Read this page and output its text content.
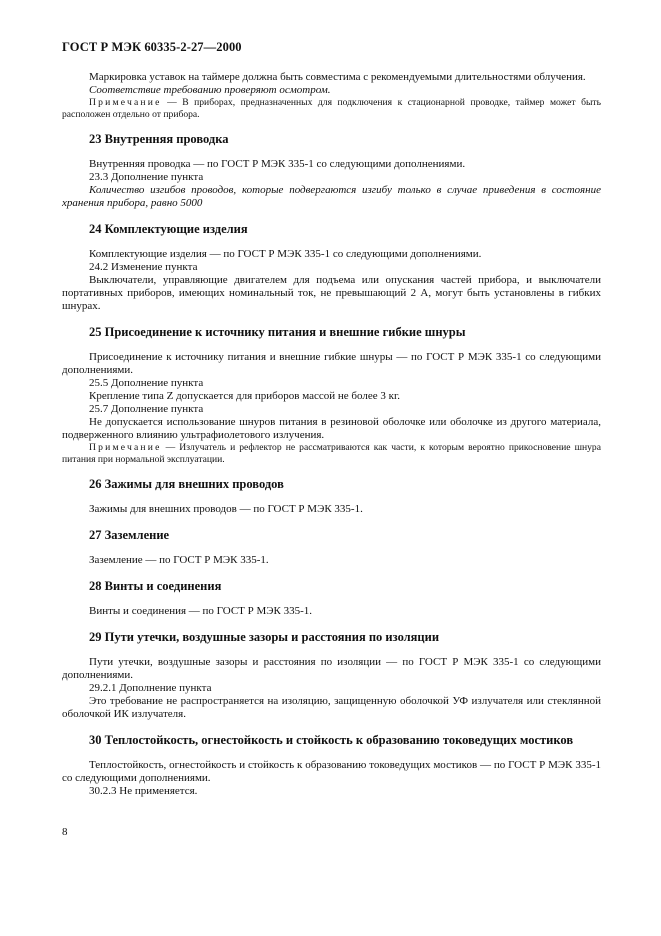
ГОСТ Р МЭК 60335-2-27—2000

Маркировка уставок на таймере должна быть совместима с рекомендуемыми длительностями облучения.

Соответствие требованию проверяют осмотром.

Примечание — В приборах, предназначенных для подключения к стационарной проводке, таймер может быть расположен отдельно от прибора.

23 Внутренняя проводка

Внутренняя проводка — по ГОСТ Р МЭК 335-1 со следующими дополнениями.

23.3 Дополнение пункта

Количество изгибов проводов, которые подвергаются изгибу только в случае приведения в состояние хранения прибора, равно 5000

24 Комплектующие изделия

Комплектующие изделия — по ГОСТ Р МЭК 335-1 со следующими дополнениями.

24.2 Изменение пункта

Выключатели, управляющие двигателем для подъема или опускания частей прибора, и выключатели портативных приборов, имеющих номинальный ток, не превышающий 2 А, могут быть установлены в гибких шнурах.

25 Присоединение к источнику питания и внешние гибкие шнуры

Присоединение к источнику питания и внешние гибкие шнуры — по ГОСТ Р МЭК 335-1 со следующими дополнениями.

25.5 Дополнение пункта

Крепление типа Z допускается для приборов массой не более 3 кг.

25.7 Дополнение пункта

Не допускается использование шнуров питания в резиновой оболочке или оболочке из другого материала, подверженного влиянию ультрафиолетового излучения.

Примечание — Излучатель и рефлектор не рассматриваются как части, к которым вероятно прикосновение шнура питания при нормальной эксплуатации.

26 Зажимы для внешних проводов

Зажимы для внешних проводов — по ГОСТ Р МЭК 335-1.

27 Заземление

Заземление — по ГОСТ Р МЭК 335-1.

28 Винты и соединения

Винты и соединения — по ГОСТ Р МЭК 335-1.

29 Пути утечки, воздушные зазоры и расстояния по изоляции

Пути утечки, воздушные зазоры и расстояния по изоляции — по ГОСТ Р МЭК 335-1 со следующими дополнениями.

29.2.1 Дополнение пункта

Это требование не распространяется на изоляцию, защищенную оболочкой УФ излучателя или стеклянной оболочкой ИК излучателя.

30 Теплостойкость, огнестойкость и стойкость к образованию токоведущих мостиков

Теплостойкость, огнестойкость и стойкость к образованию токоведущих мостиков — по ГОСТ Р МЭК 335-1 со следующими дополнениями.

30.2.3 Не применяется.

8
